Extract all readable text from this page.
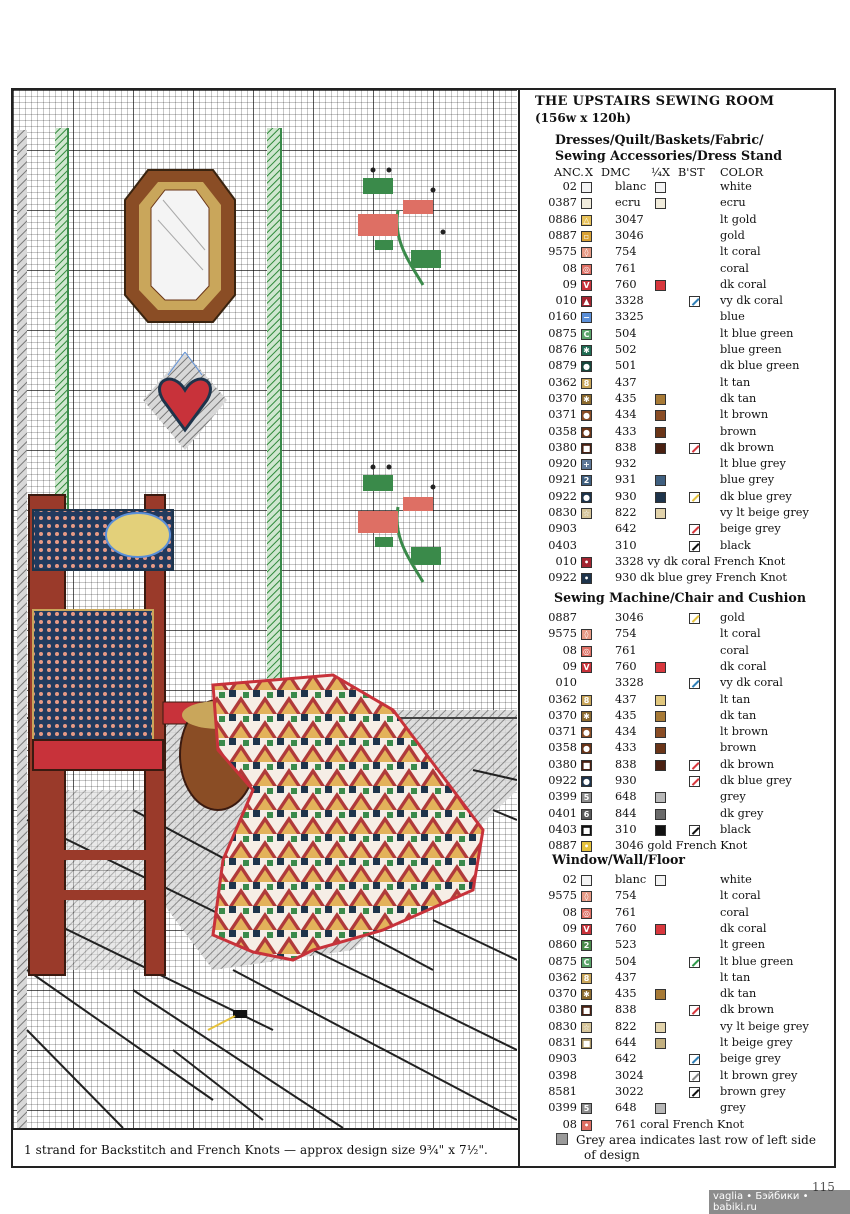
1 strand for Backstitch and French Knots — approx design size 9¾" x 7½".
THE UPSTAIRS SEWING ROOM
(156w x 120h)
Dresses/Quilt/Baskets/Fabric/
Sewing Accessories/Dress Stand
ANC. X DMC ¼X B'ST COLOR
02	blanc	white
0387	ecru	ecru
0886 △ 3047	lt gold
0887 ▫ 3046	gold
9575 ◊	754	lt coral
08 ◎ 761	coral
09 V 760	dk coral
010 ▲ 3328	vy dk coral
0160 − 3325	blue
0875 C 504	lt blue green
0876 ✱ 502	blue green
0879 ● 501	dk blue green
0362 8 437	lt tan
0370 ✱ 435	dk tan
0371 ● 434	lt brown
0358 ● 433	brown
0380 ■ 838	dk brown
0920 + 932	lt blue grey
0921 2 931	blue grey
0922 ● 930	dk blue grey
0830 ☆ 822	vy lt beige grey
0903	642	beige grey
0403	310	black
010 • 3328 vy dk coral French Knot
0922 • 930 dk blue grey French Knot
Sewing Machine/Chair and Cushion
0887	3046	gold
9575 ◊	754	lt coral
08 ◎ 761	coral
09 V 760	dk coral
010	3328	vy dk coral
0362 8 437	lt tan
0370 ✱ 435	dk tan
0371 ● 434	lt brown
0358 ● 433	brown
0380 ■ 838	dk brown
0922 ● 930	dk blue grey
0399 5 648	grey
0401 6 844	dk grey
0403 ■ 310	black
0887 • 3046 gold French Knot
Window/Wall/Floor
02	blanc	white
9575 ◊	754	lt coral
08 ◎ 761	coral
09 V 760	dk coral
0860 2 523	lt green
0875 C 504	lt blue green
0362 8 437	lt tan
0370 ✱ 435	dk tan
0380 ■ 838	dk brown
0830 ☆ 822	vy lt beige grey
0831 ■ 644	lt beige grey
0903	642	beige grey
0398	3024	lt brown grey
8581	3022	brown grey
0399 5 648	grey
08 • 761 coral French Knot
Grey area indicates last row of left side
of design
115
vaglia • Бэйбики • babiki.ru
